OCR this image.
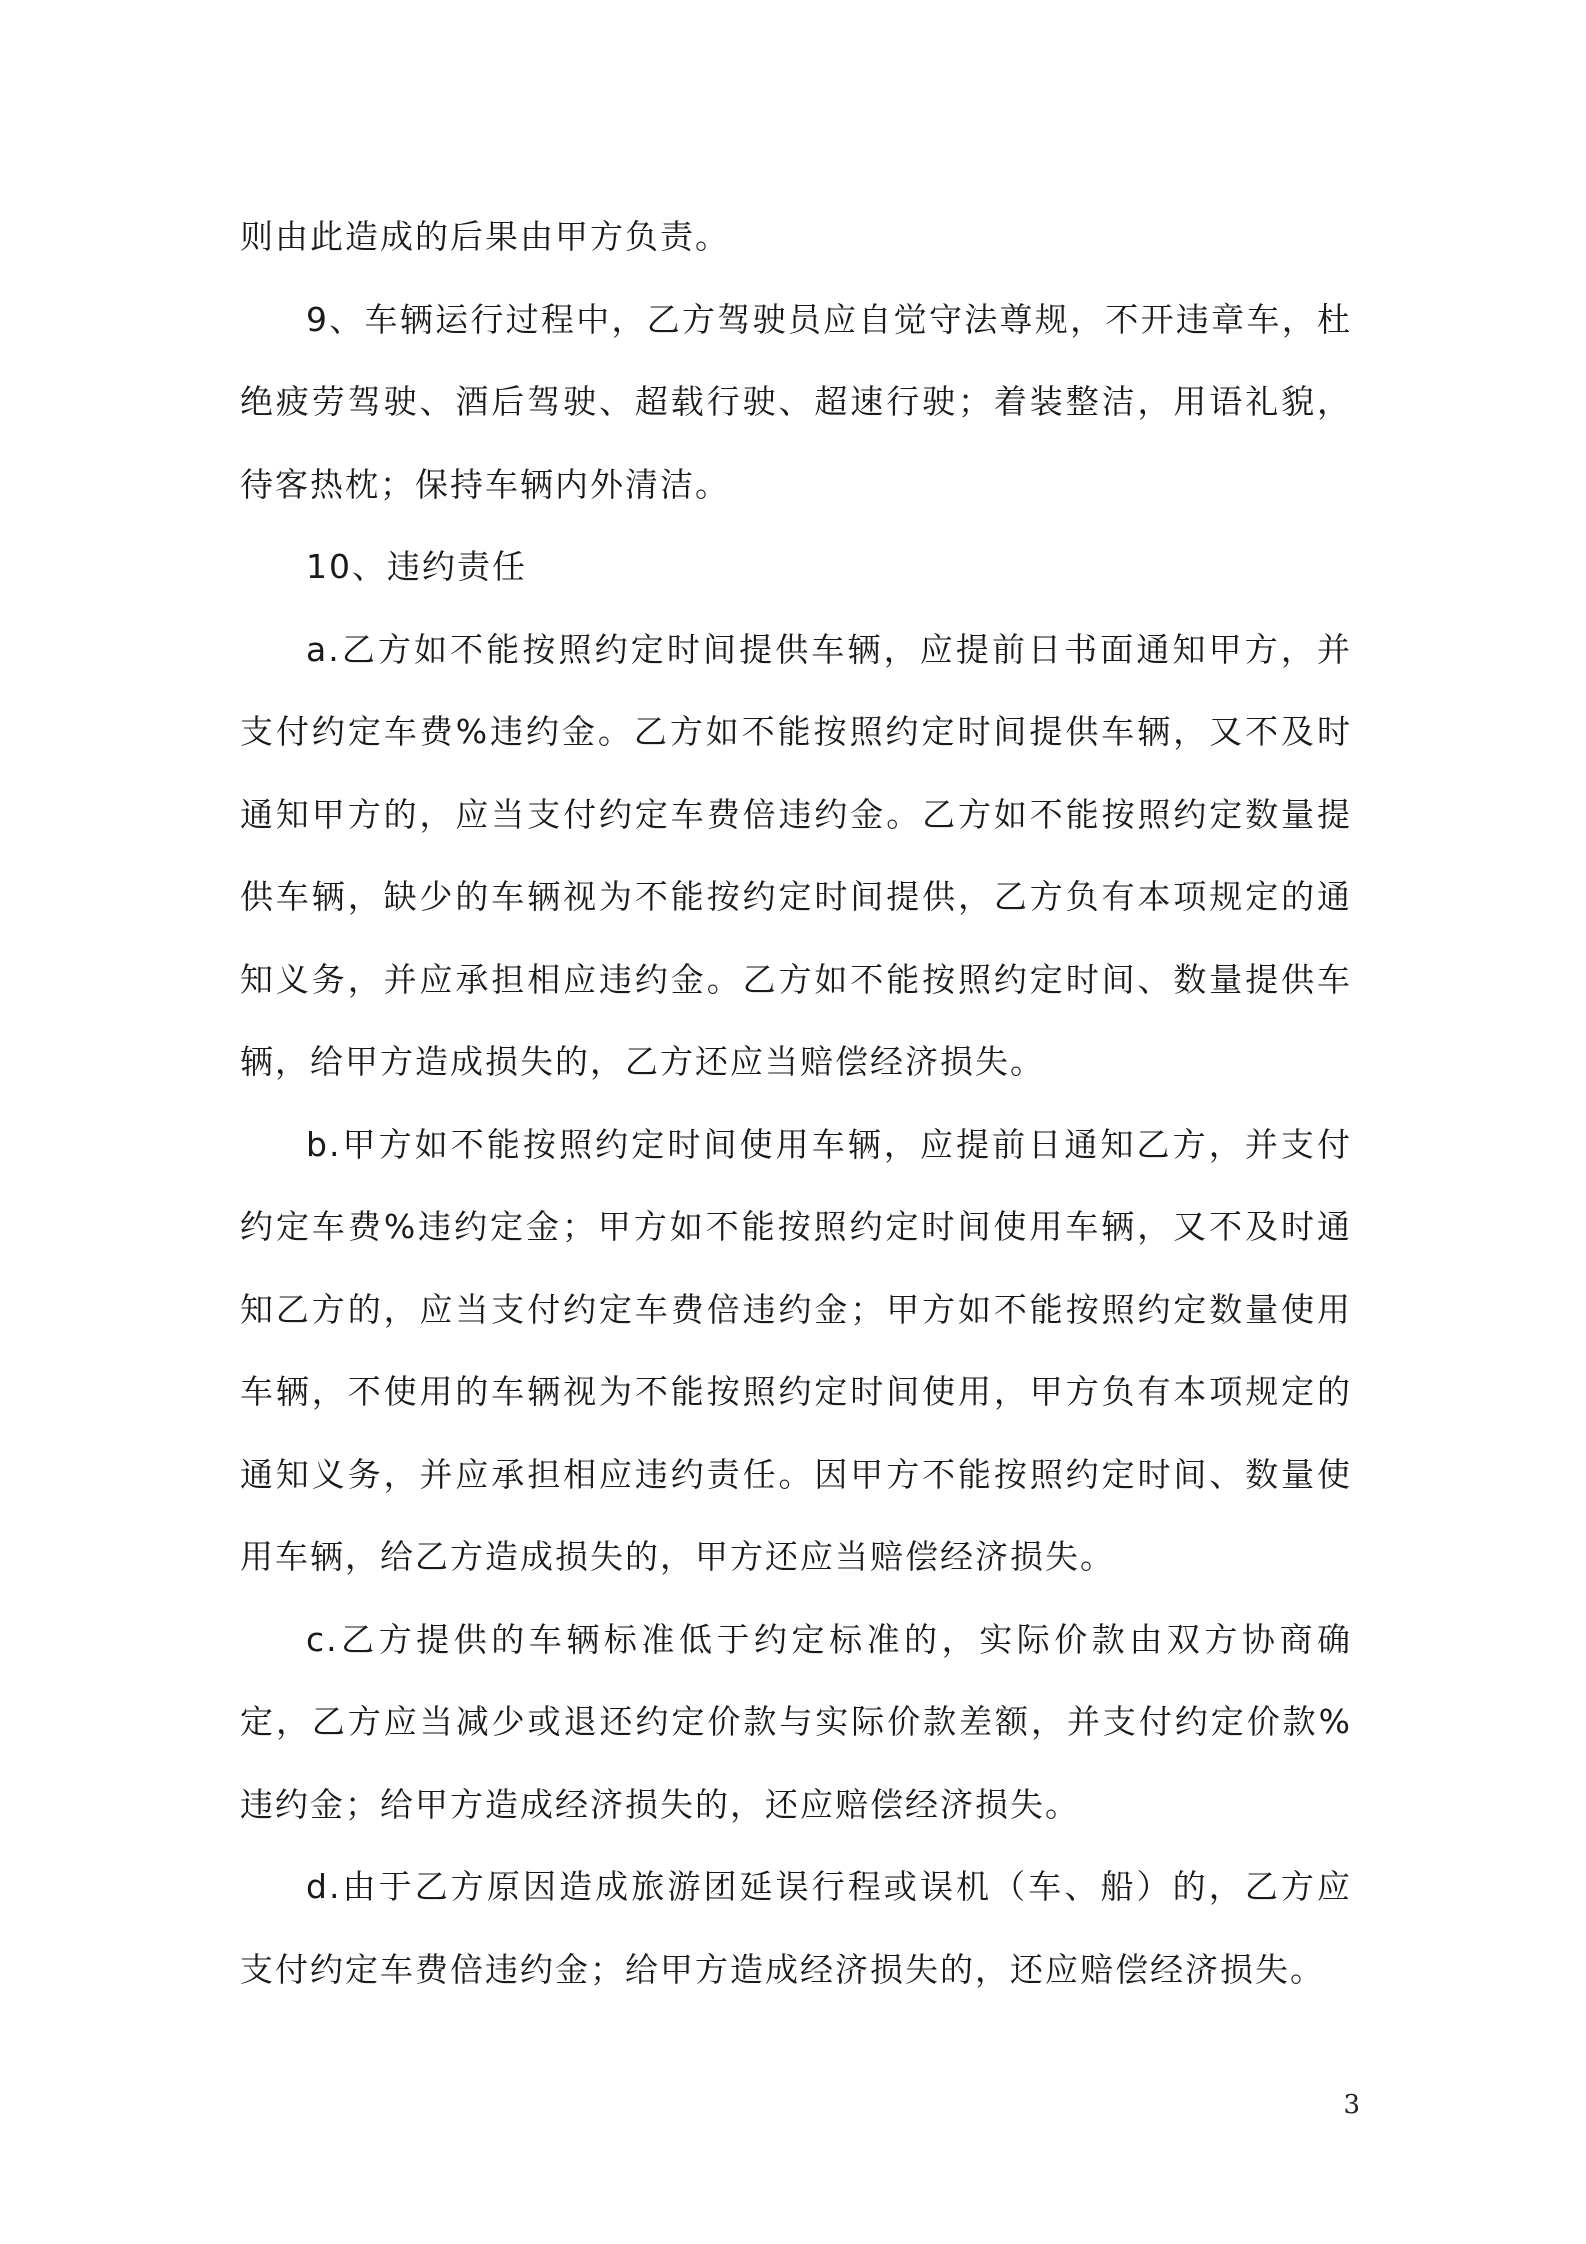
则由此造成的后果由甲方负责。

9、车辆运行过程中，乙方驾驶员应自觉守法尊规，不开违章车，杜绝疲劳驾驶、酒后驾驶、超载行驶、超速行驶；着装整洁，用语礼貌，待客热枕；保持车辆内外清洁。

10、违约责任

a.乙方如不能按照约定时间提供车辆，应提前日书面通知甲方，并支付约定车费%违约金。乙方如不能按照约定时间提供车辆，又不及时通知甲方的，应当支付约定车费倍违约金。乙方如不能按照约定数量提供车辆，缺少的车辆视为不能按约定时间提供，乙方负有本项规定的通知义务，并应承担相应违约金。乙方如不能按照约定时间、数量提供车辆，给甲方造成损失的，乙方还应当赔偿经济损失。

b.甲方如不能按照约定时间使用车辆，应提前日通知乙方，并支付约定车费%违约定金；甲方如不能按照约定时间使用车辆，又不及时通知乙方的，应当支付约定车费倍违约金；甲方如不能按照约定数量使用车辆，不使用的车辆视为不能按照约定时间使用，甲方负有本项规定的通知义务，并应承担相应违约责任。因甲方不能按照约定时间、数量使用车辆，给乙方造成损失的，甲方还应当赔偿经济损失。

c.乙方提供的车辆标准低于约定标准的，实际价款由双方协商确定，乙方应当减少或退还约定价款与实际价款差额，并支付约定价款%违约金；给甲方造成经济损失的，还应赔偿经济损失。

d.由于乙方原因造成旅游团延误行程或误机（车、船）的，乙方应支付约定车费倍违约金；给甲方造成经济损失的，还应赔偿经济损失。

3
